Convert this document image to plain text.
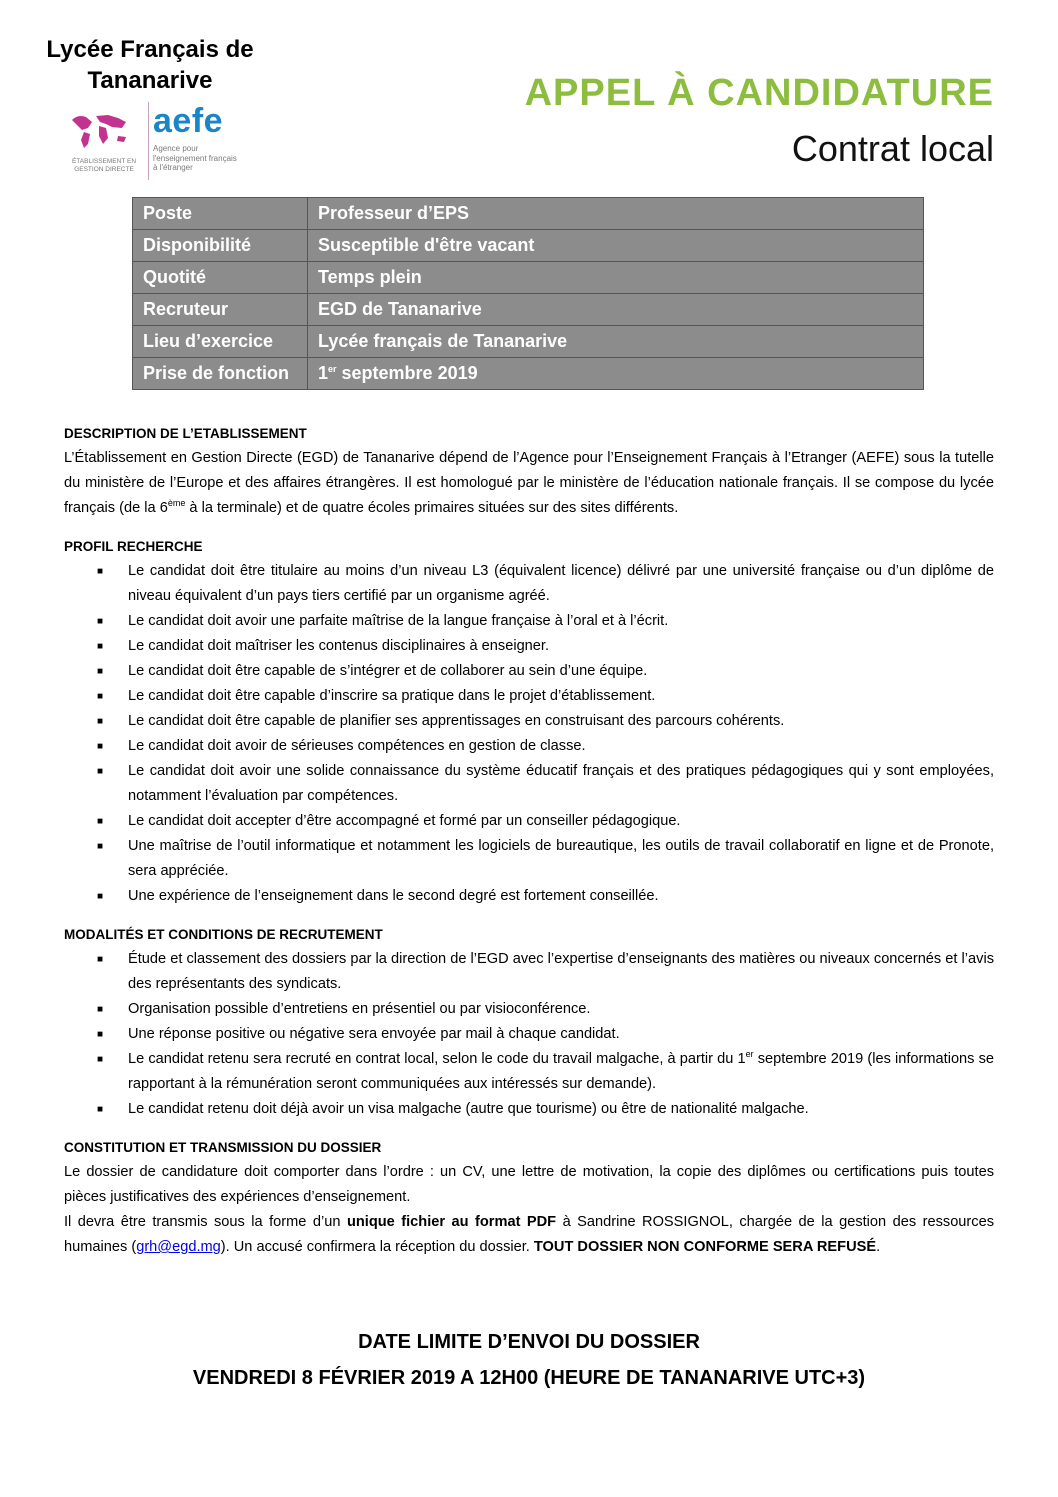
Lycée Français de
Tananarive
ÉTABLISSEMENT EN GESTION DIRECTE
aefe
Agence pour
l'enseignement français
à l'étranger
APPEL À CANDIDATURE
Contrat local
Poste	Professeur d’EPS
Disponibilité	Susceptible d'être vacant
Quotité	Temps plein
Recruteur	EGD de Tananarive
Lieu d’exercice	Lycée français de Tananarive
Prise de fonction	1er septembre 2019
DESCRIPTION DE L’ETABLISSEMENT

L’Établissement en Gestion Directe (EGD) de Tananarive dépend de l’Agence pour l’Enseignement Français à l’Etranger (AEFE) sous la tutelle du ministère de l’Europe et des affaires étrangères. Il est homologué par le ministère de l’éducation nationale français. Il se compose du lycée français (de la 6ème à la terminale) et de quatre écoles primaires situées sur des sites différents.

PROFIL RECHERCHE
■ Le candidat doit être titulaire au moins d’un niveau L3 (équivalent licence) délivré par une université française ou d’un diplôme de niveau équivalent d’un pays tiers certifié par un organisme agréé.
■ Le candidat doit avoir une parfaite maîtrise de la langue française à l’oral et à l’écrit.
■ Le candidat doit maîtriser les contenus disciplinaires à enseigner.
■ Le candidat doit être capable de s’intégrer et de collaborer au sein d’une équipe.
■ Le candidat doit être capable d’inscrire sa pratique dans le projet d’établissement.
■ Le candidat doit être capable de planifier ses apprentissages en construisant des parcours cohérents.
■ Le candidat doit avoir de sérieuses compétences en gestion de classe.
■ Le candidat doit avoir une solide connaissance du système éducatif français et des pratiques pédagogiques qui y sont employées, notamment l’évaluation par compétences.
■ Le candidat doit accepter d’être accompagné et formé par un conseiller pédagogique.
■ Une maîtrise de l’outil informatique et notamment les logiciels de bureautique, les outils de travail collaboratif en ligne et de Pronote, sera appréciée.
■ Une expérience de l’enseignement dans le second degré est fortement conseillée.
MODALITÉS ET CONDITIONS DE RECRUTEMENT
■ Étude et classement des dossiers par la direction de l’EGD avec l’expertise d’enseignants des matières ou niveaux concernés et l’avis des représentants des syndicats.
■ Organisation possible d’entretiens en présentiel ou par visioconférence.
■ Une réponse positive ou négative sera envoyée par mail à chaque candidat.
■ Le candidat retenu sera recruté en contrat local, selon le code du travail malgache, à partir du 1er septembre 2019 (les informations se rapportant à la rémunération seront communiquées aux intéressés sur demande).
■ Le candidat retenu doit déjà avoir un visa malgache (autre que tourisme) ou être de nationalité malgache.
CONSTITUTION ET TRANSMISSION DU DOSSIER

Le dossier de candidature doit comporter dans l’ordre : un CV, une lettre de motivation, la copie des diplômes ou certifications puis toutes pièces justificatives des expériences d’enseignement.

Il devra être transmis sous la forme d’un unique fichier au format PDF à Sandrine ROSSIGNOL, chargée de la gestion des ressources humaines (grh@egd.mg). Un accusé confirmera la réception du dossier. TOUT DOSSIER NON CONFORME SERA REFUSÉ.

DATE LIMITE D’ENVOI DU DOSSIER
VENDREDI 8 FÉVRIER 2019 A 12H00 (HEURE DE TANANARIVE UTC+3)
